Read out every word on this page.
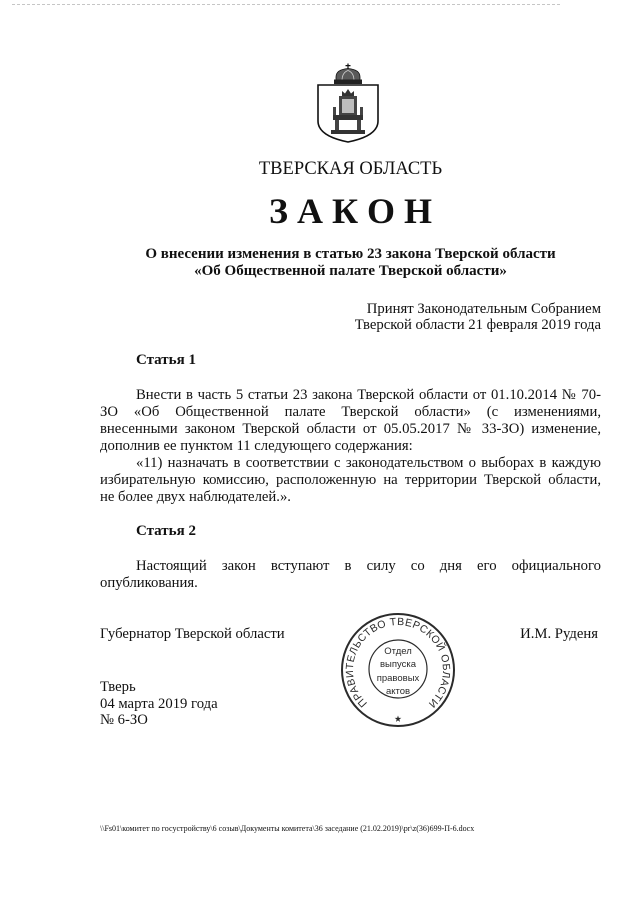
ТВЕРСКАЯ ОБЛАСТЬ
З А К О Н
О внесении изменения в статью 23 закона Тверской области
«Об Общественной палате Тверской области»
Принят Законодательным Собранием
Тверской области 21 февраля 2019 года
Статья 1
Внести в часть 5 статьи 23 закона Тверской области от 01.10.2014 № 70-
ЗО «Об Общественной палате Тверской области» (с изменениями,
внесенными законом Тверской области от 05.05.2017 № 33-ЗО) изменение,
дополнив ее пунктом 11 следующего содержания:
«11) назначать в соответствии с законодательством о выборах в каждую
избирательную комиссию, расположенную на территории Тверской области,
не более двух наблюдателей.».
Статья 2
Настоящий закон вступают в силу со дня его официального
опубликования.
Губернатор Тверской области	И.М. Руденя
ПРАВИТЕЛЬСТВО ТВЕРСКОЙ ОБЛАСТИ
Отдел
выпуска
правовых
актов
Тверь
04 марта 2019 года
№ 6-ЗО
\\Fs01\комитет по госустройству\6 созыв\Документы комитета\36 заседание (21.02.2019)\pr\z(36)699-П-6.docx
